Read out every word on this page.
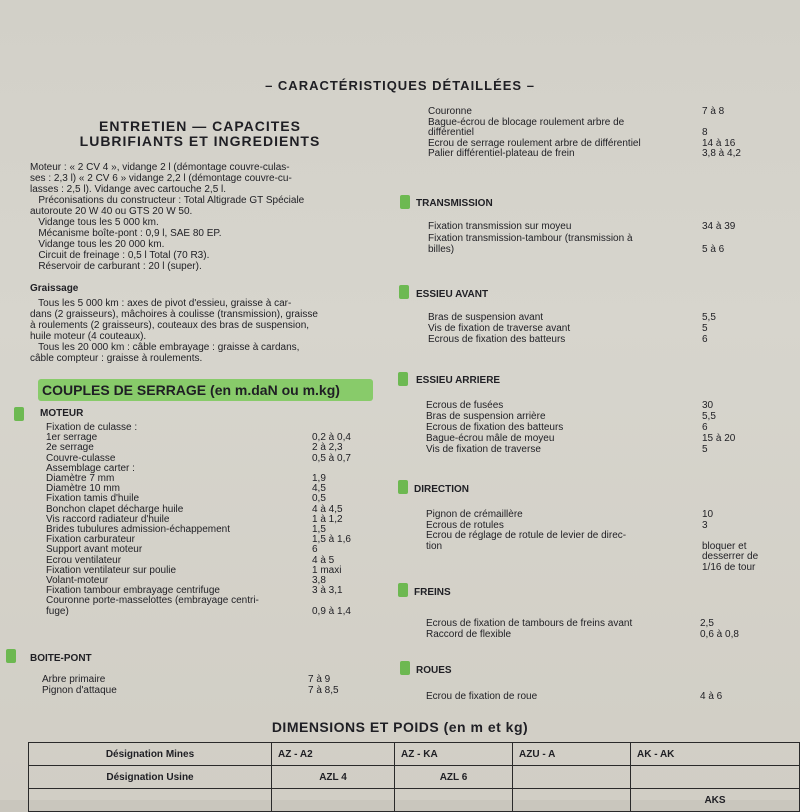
– CARACTÉRISTIQUES DÉTAILLÉES –
ENTRETIEN — CAPACITES
LUBRIFIANTS ET INGREDIENTS
Moteur : « 2 CV 4 », vidange 2 l (démontage couvre-culas-
ses : 2,3 l) « 2 CV 6 » vidange 2,2 l (démontage couvre-cu-
lasses : 2,5 l). Vidange avec cartouche 2,5 l.
Préconisations du constructeur : Total Altigrade GT Spéciale
autoroute 20 W 40 ou GTS 20 W 50.
Vidange tous les 5 000 km.
Mécanisme boîte-pont : 0,9 l, SAE 80 EP.
Vidange tous les 20 000 km.
Circuit de freinage : 0,5 l Total (70 R3).
Réservoir de carburant : 20 l (super).
Graissage
Tous les 5 000 km : axes de pivot d'essieu, graisse à car-
dans (2 graisseurs), mâchoires à coulisse (transmission), graisse
à roulements (2 graisseurs), couteaux des bras de suspension,
huile moteur (4 couteaux).
Tous les 20 000 km : câble embrayage : graisse à cardans,
câble compteur : graisse à roulements.
COUPLES DE SERRAGE (en m.daN ou m.kg)
MOTEUR
Fixation de culasse :
1er serrage	0,2 à 0,4
2e serrage	2 à 2,3
Couvre-culasse	0,5 à 0,7
Assemblage carter :
Diamètre 7 mm	1,9
Diamètre 10 mm	4,5
Fixation tamis d'huile	0,5
Bonchon clapet décharge huile	4 à 4,5
Vis raccord radiateur d'huile	1 à 1,2
Brides tubulures admission-échappement	1,5
Fixation carburateur	1,5 à 1,6
Support avant moteur	6
Ecrou ventilateur	4 à 5
Fixation ventilateur sur poulie	1 maxi
Volant-moteur	3,8
Fixation tambour embrayage centrifuge	3 à 3,1
Couronne porte-masselottes (embrayage centri-
fuge)	0,9 à 1,4
BOITE-PONT
Arbre primaire	7 à 9
Pignon d'attaque	7 à 8,5
Couronne	7 à 8
Bague-écrou de blocage roulement arbre de
différentiel	8
Ecrou de serrage roulement arbre de différentiel	14 à 16
Palier différentiel-plateau de frein	3,8 à 4,2
TRANSMISSION
Fixation transmission sur moyeu	34 à 39
Fixation transmission-tambour (transmission à
billes)	5 à 6
ESSIEU AVANT
Bras de suspension avant	5,5
Vis de fixation de traverse avant	5
Ecrous de fixation des batteurs	6
ESSIEU ARRIERE
Ecrous de fusées	30
Bras de suspension arrière	5,5
Ecrous de fixation des batteurs	6
Bague-écrou mâle de moyeu	15 à 20
Vis de fixation de traverse	5
DIRECTION
Pignon de crémaillère	10
Ecrous de rotules	3
Ecrou de réglage de rotule de levier de direc-
tion	bloquer et
desserrer de
1/16 de tour
FREINS
Ecrous de fixation de tambours de freins avant	2,5
Raccord de flexible	0,6 à 0,8
ROUES
Ecrou de fixation de roue	4 à 6
DIMENSIONS ET POIDS (en m et kg)
Désignation Mines	AZ - A2	AZ - KA	AZU - A	AK - AK
Désignation Usine	AZL 4	AZL 6		
				AKS
